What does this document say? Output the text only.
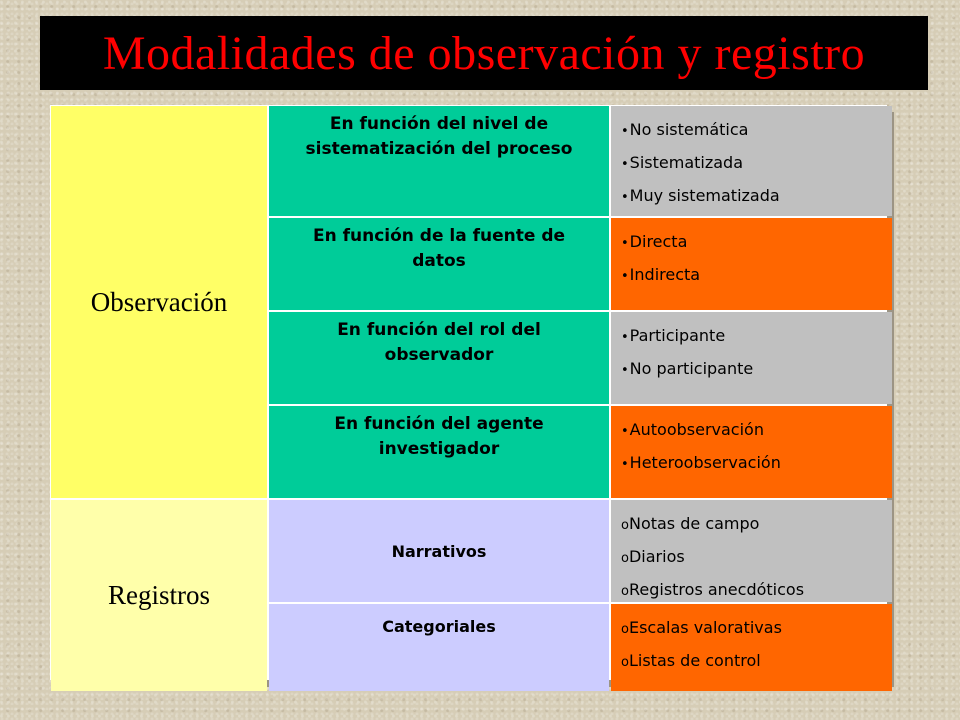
Modalidades de observación y registro
Observación
En función del nivel de sistematización del proceso
•No sistemática
•Sistematizada
•Muy sistematizada
En función de la fuente de datos
•Directa
•Indirecta
En función del rol del observador
•Participante
•No participante
En función del agente investigador
•Autoobservación
•Heteroobservación
Registros
Narrativos
oNotas de campo
oDiarios
oRegistros anecdóticos
Categoriales	oEscalas valorativas
oListas de control
